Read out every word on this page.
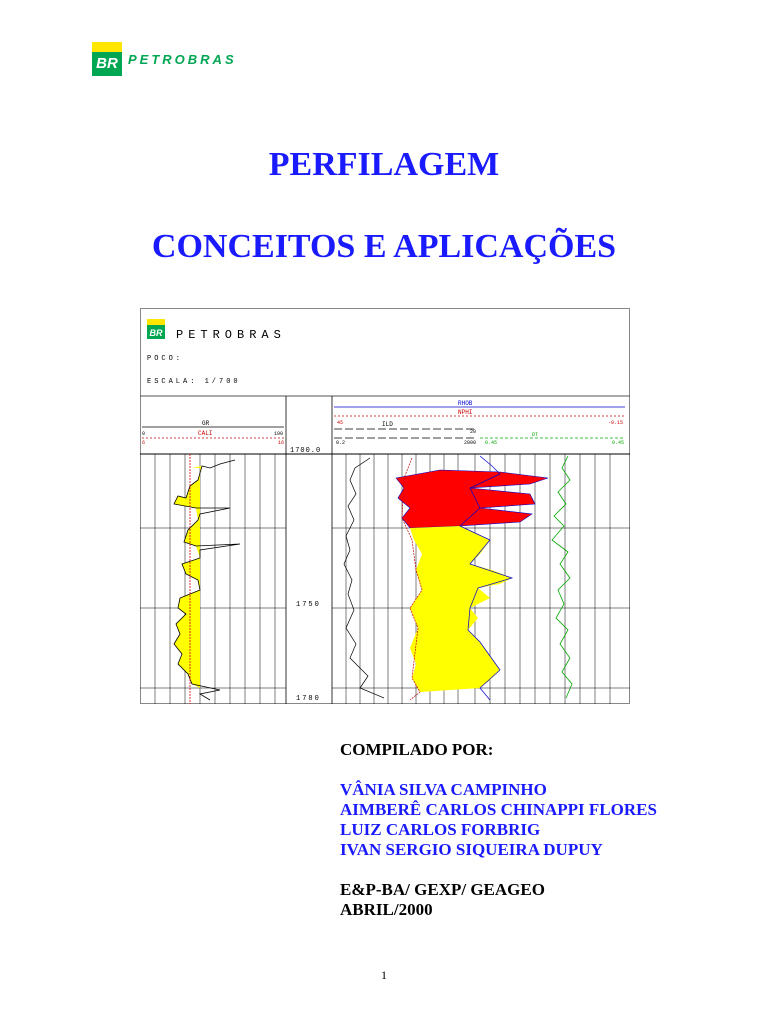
BR PETROBRAS
PERFILAGEM
CONCEITOS E APLICAÇÕES
BR PETROBRAS
POCO:
ESCALA: 1/700
GR
CALI
0	100
6	16
1700.0
RHOB
NPHI
ILD
45	-0.15
0.2
20
2000
DT
0.45	0.45
1750
1780
COMPILADO POR:
VÂNIA SILVA CAMPINHO
AIMBERÊ CARLOS CHINAPPI FLORES
LUIZ CARLOS FORBRIG
IVAN SERGIO SIQUEIRA DUPUY
E&P-BA/ GEXP/ GEAGEO
ABRIL/2000
1
